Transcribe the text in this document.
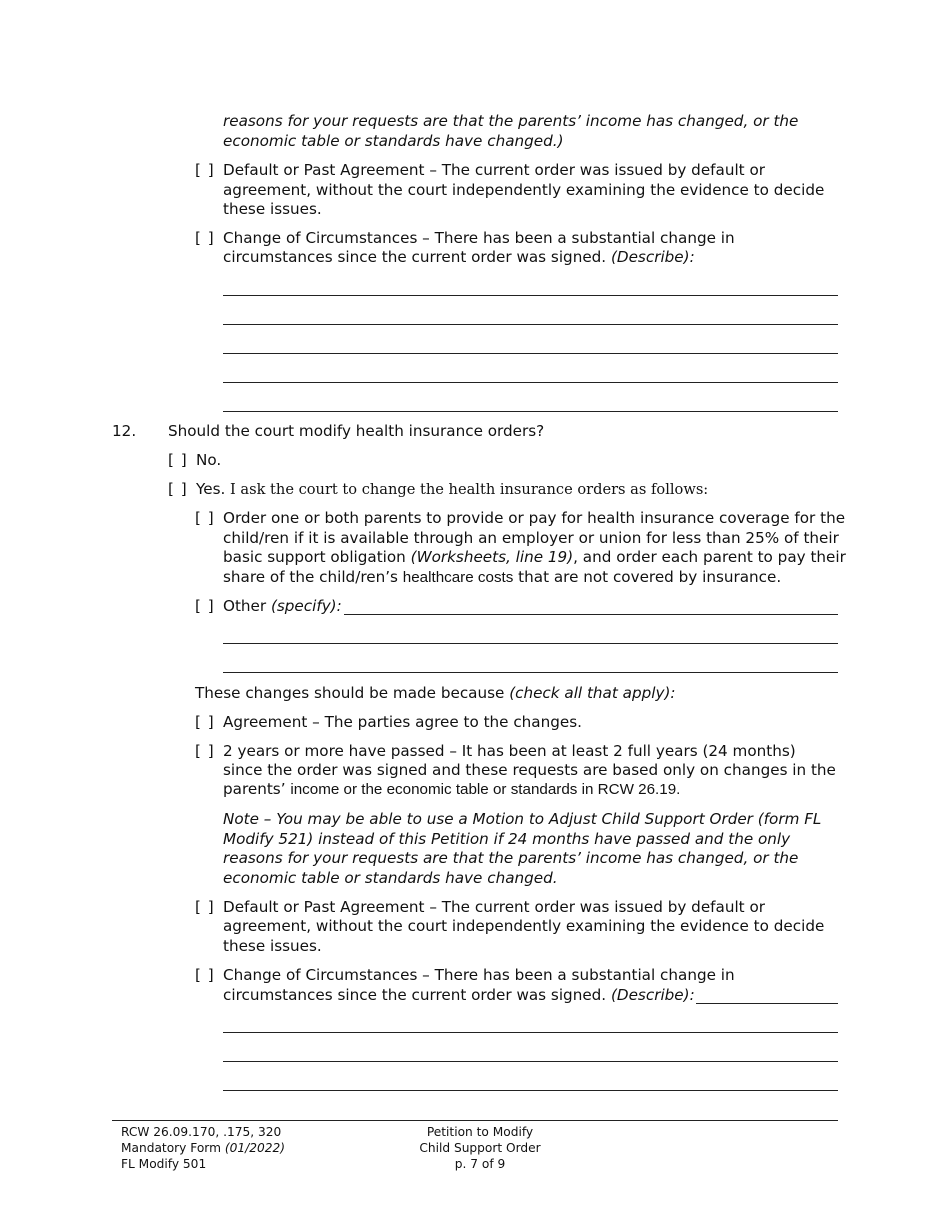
reasons for your requests are that the parents’ income has changed, or the

economic table or standards have changed.)

[ ] Default or Past Agreement – The current order was issued by default or

agreement, without the court independently examining the evidence to decide

these issues.

[ ] Change of Circumstances – There has been a substantial change in

circumstances since the current order was signed. (Describe):

12. Should the court modify health insurance orders?

[ ] No.

[ ] Yes. I ask the court to change the health insurance orders as follows:

[ ] Order one or both parents to provide or pay for health insurance coverage for the

child/ren if it is available through an employer or union for less than 25% of their

basic support obligation (Worksheets, line 19), and order each parent to pay their

share of the child/ren’s healthcare costs that are not covered by insurance.

[ ] Other (specify):

These changes should be made because (check all that apply):

[ ] Agreement – The parties agree to the changes.

[ ] 2 years or more have passed – It has been at least 2 full years (24 months)

since the order was signed and these requests are based only on changes in the

parents’ income or the economic table or standards in RCW 26.19.

Note – You may be able to use a Motion to Adjust Child Support Order (form FL

Modify 521) instead of this Petition if 24 months have passed and the only

reasons for your requests are that the parents’ income has changed, or the

economic table or standards have changed.

[ ] Default or Past Agreement – The current order was issued by default or

agreement, without the court independently examining the evidence to decide

these issues.

[ ] Change of Circumstances – There has been a substantial change in

circumstances since the current order was signed. (Describe):

RCW 26.09.170, .175, 320
Mandatory Form (01/2022)
FL Modify 501
Petition to Modify
Child Support Order
p. 7 of 9
